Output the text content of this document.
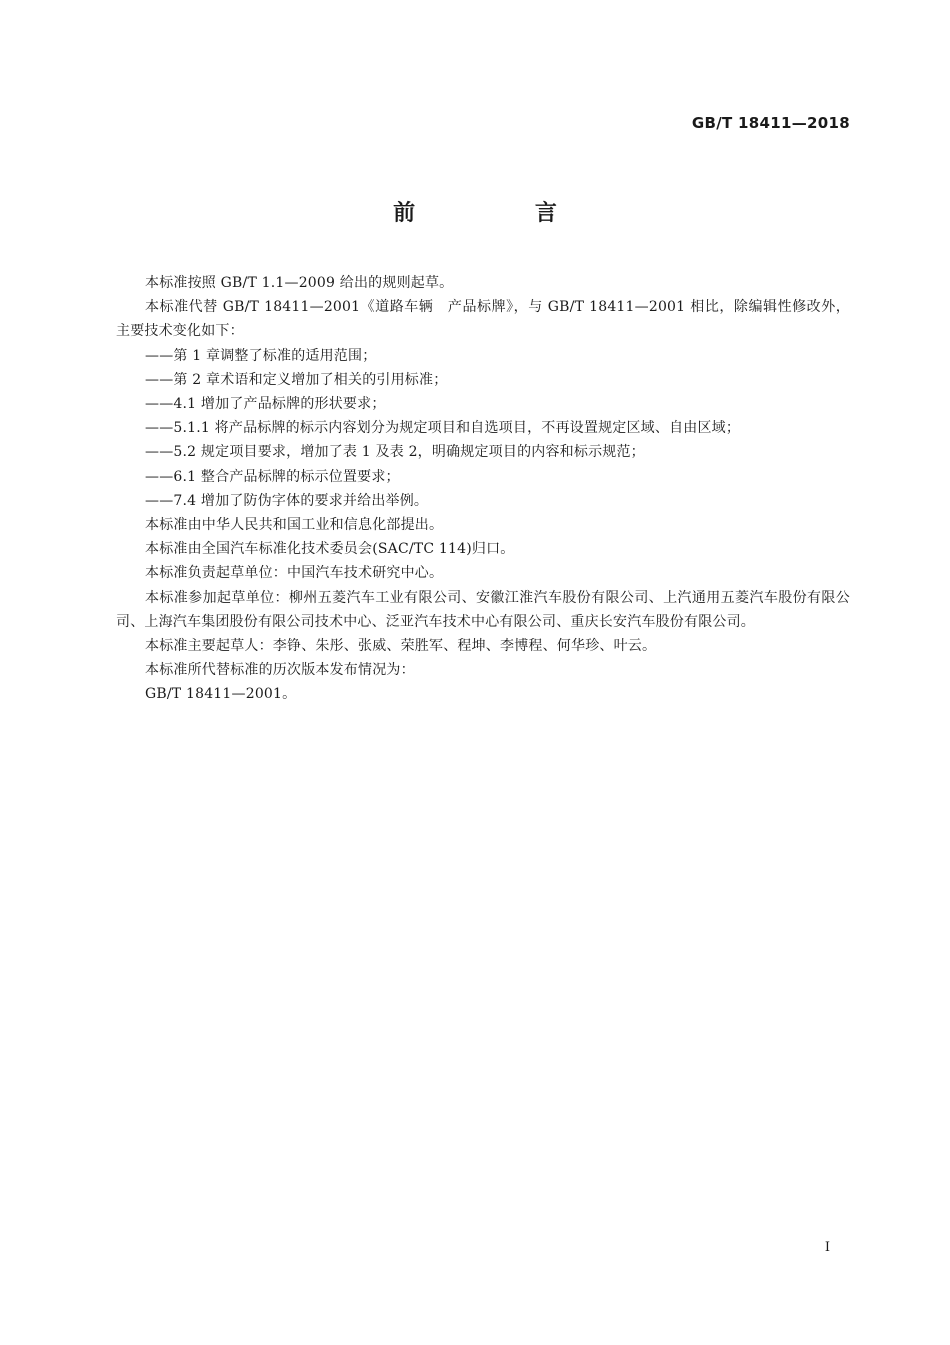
GB/T 18411—2018
前 言

本标准按照 GB/T 1.1—2009 给出的规则起草。

本标准代替 GB/T 18411—2001《道路车辆　产品标牌》，与 GB/T 18411—2001 相比，除编辑性修改外，主要技术变化如下：

——第 1 章调整了标准的适用范围；

——第 2 章术语和定义增加了相关的引用标准；

——4.1 增加了产品标牌的形状要求；

——5.1.1 将产品标牌的标示内容划分为规定项目和自选项目，不再设置规定区域、自由区域；

——5.2 规定项目要求，增加了表 1 及表 2，明确规定项目的内容和标示规范；

——6.1 整合产品标牌的标示位置要求；

——7.4 增加了防伪字体的要求并给出举例。

本标准由中华人民共和国工业和信息化部提出。

本标准由全国汽车标准化技术委员会(SAC/TC 114)归口。

本标准负责起草单位：中国汽车技术研究中心。

本标准参加起草单位：柳州五菱汽车工业有限公司、安徽江淮汽车股份有限公司、上汽通用五菱汽车股份有限公司、上海汽车集团股份有限公司技术中心、泛亚汽车技术中心有限公司、重庆长安汽车股份有限公司。

本标准主要起草人：李铮、朱彤、张威、荣胜军、程坤、李博程、何华珍、叶云。

本标准所代替标准的历次版本发布情况为：

GB/T 18411—2001。

I
